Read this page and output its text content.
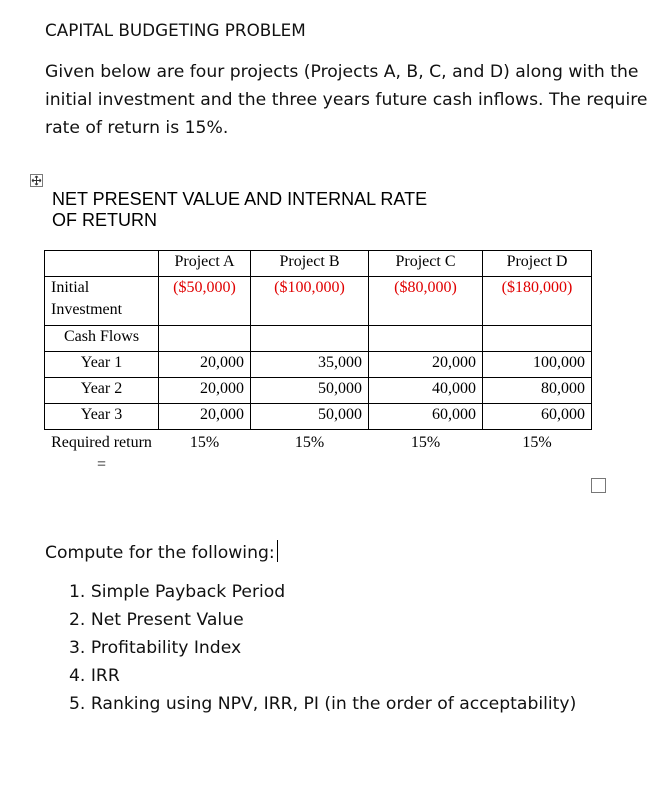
CAPITAL BUDGETING PROBLEM
Given below are four projects (Projects A, B, C, and D) along with the
initial investment and the three years future cash inflows. The require
rate of return is 15%.
NET PRESENT VALUE AND INTERNAL RATE
OF RETURN
	Project A	Project B	Project C	Project D
Initial Investment	($50,000)	($100,000)	($80,000)	($180,000)
Cash Flows				
Year 1	20,000	35,000	20,000	100,000
Year 2	20,000	50,000	40,000	80,000
Year 3	20,000	50,000	60,000	60,000
Required return =	15%	15%	15%	15%
Compute for the following:
1. Simple Payback Period
2. Net Present Value
3. Profitability Index
4. IRR
5. Ranking using NPV, IRR, PI (in the order of acceptability)
